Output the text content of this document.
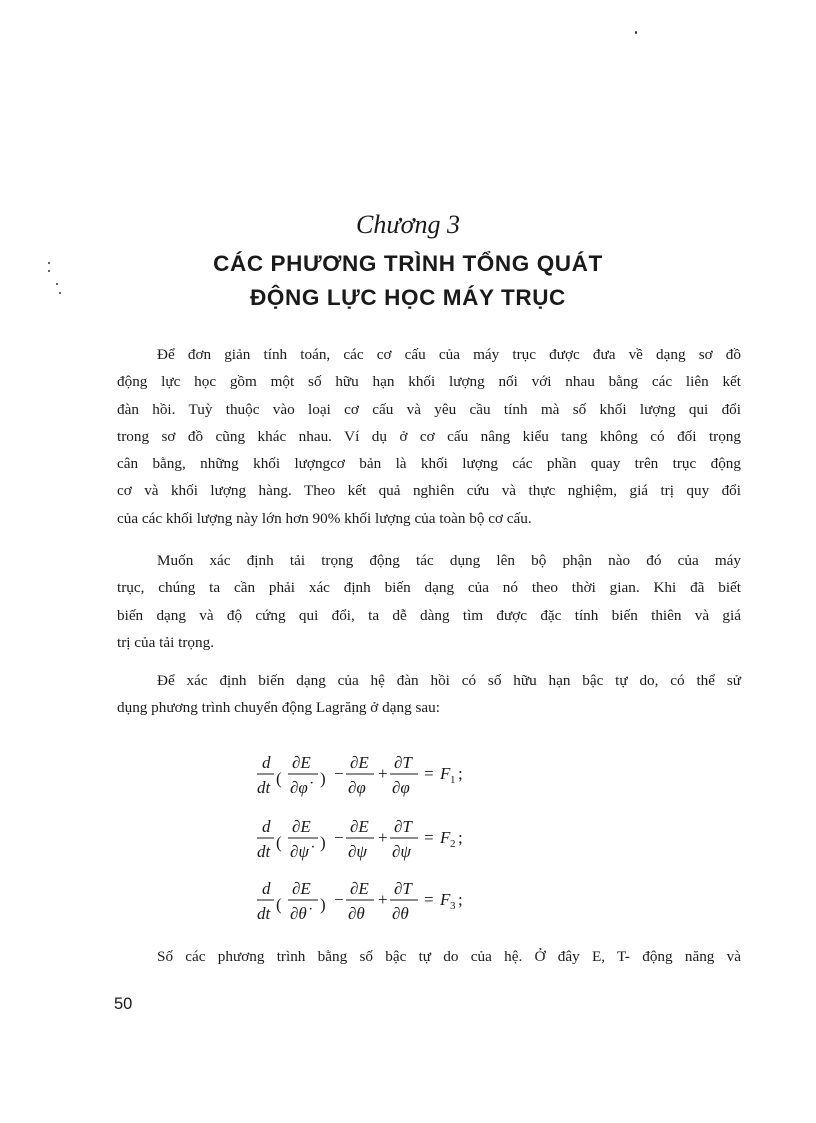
Chương 3
CÁC PHƯƠNG TRÌNH TỔNG QUÁT
ĐỘNG LỰC HỌC MÁY TRỤC
Để đơn giản tính toán, các cơ cấu của máy trục được đưa về dạng sơ đồ
động lực học gồm một số hữu hạn khối lượng nối với nhau bằng các liên kết
đàn hồi. Tuỳ thuộc vào loại cơ cấu và yêu cầu tính mà số khối lượng qui đổi
trong sơ đồ cũng khác nhau. Ví dụ ở cơ cấu nâng kiểu tang không có đối trọng
cân bằng, những khối lượngcơ bản là khối lượng các phần quay trên trục động
cơ và khối lượng hàng. Theo kết quả nghiên cứu và thực nghiệm, giá trị quy đổi
của các khối lượng này lớn hơn 90% khối lượng của toàn bộ cơ cấu.
Muốn xác định tải trọng động tác dụng lên bộ phận nào đó của máy
trục, chúng ta cần phải xác định biến dạng của nó theo thời gian. Khi đã biết
biến dạng và độ cứng qui đổi, ta dễ dàng tìm được đặc tính biến thiên và giá
trị của tải trọng.
Để xác định biến dạng của hệ đàn hồi có số hữu hạn bậc tự do, có thể sử
dụng phương trình chuyển động Lagrăng ở dạng sau:
d
dt (
∂E
∂φ̇ ) −
∂E
∂φ
+
∂T
∂φ
= F 1 ;
d
dt (
∂E
∂ψ̇ ) −
∂E
∂ψ
+
∂T
∂ψ
= F 2 ;
d
dt (
∂E
∂θ̇ ) −
∂E
∂θ
+
∂T
∂θ
= F 3 ;
Số các phương trình bằng số bậc tự do của hệ. Ở đây E, T- động năng và
50
